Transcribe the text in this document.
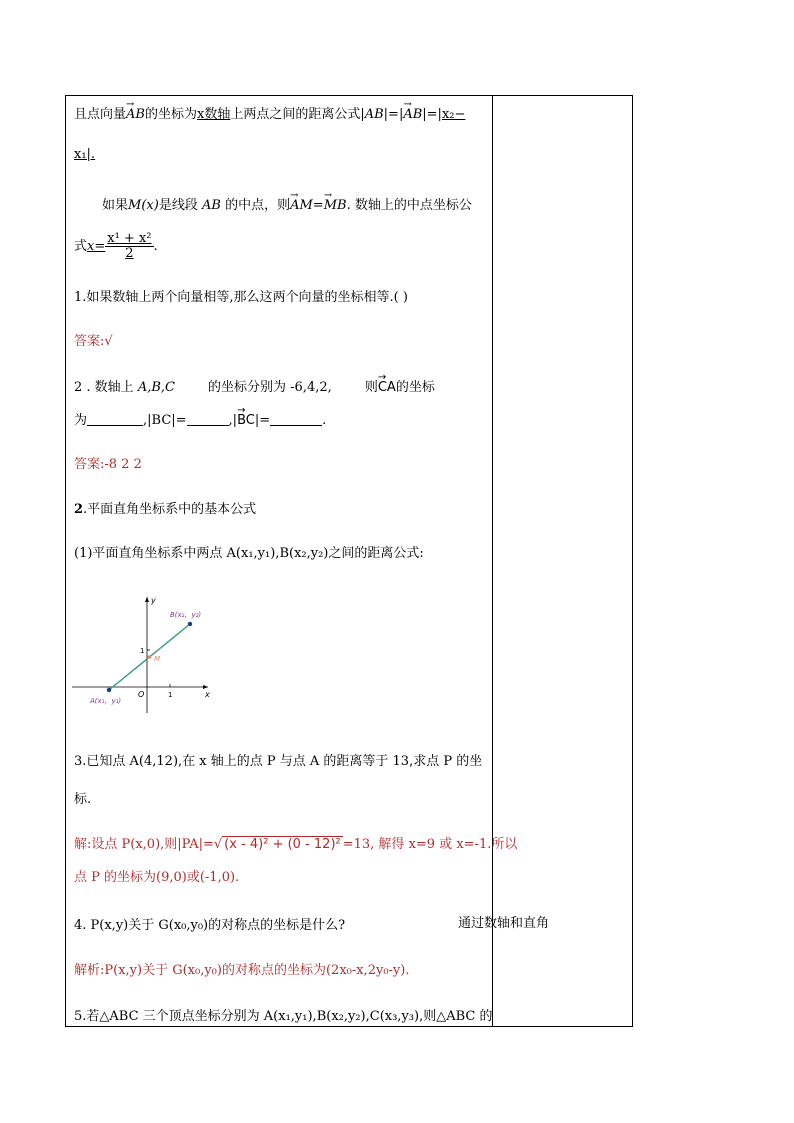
且点向量→ AB的坐标为x数轴上两点之间的距离公式|AB|=|→ AB|=|x₂−
x₁|.
如果M(x)是线段 AB 的中点，则→ AM=→ MB. 数轴上的中点坐标公
式$x= \frac{\text{x¹ + x²}}{2}$ .
1.如果数轴上两个向量相等,那么这两个向量的坐标相等.( )
答案:√
2 . 数轴上 A,B,C	的坐标分别为 -6,4,2,	则→ CA的坐标
为	,|BC|=	,|→ BC|=	.
答案:-8 2 2
2.平面直角坐标系中的基本公式
(1)平面直角坐标系中两点 A(x₁,y₁),B(x₂,y₂)之间的距离公式:
B(x₂，y₂)
A(x₁，y₁)
M
O	x
y
1
1
3.已知点 A(4,12),在 x 轴上的点 P 与点 A 的距离等于 13,求点 P 的坐
标.
解:设点 P(x,0),则|PA|=√ (x - 4)² + (0 - 12)² =13, 解得 x=9 或 x=-1.所以
点 P 的坐标为(9,0)或(-1,0).
4. P(x,y)关于 G(x₀,y₀)的对称点的坐标是什么?
解析:P(x,y)关于 G(x₀,y₀)的对称点的坐标为(2x₀-x,2y₀-y).
5.若△ABC 三个顶点坐标分别为 A(x₁,y₁),B(x₂,y₂),C(x₃,y₃),则△ABC 的
通过数轴和直角
